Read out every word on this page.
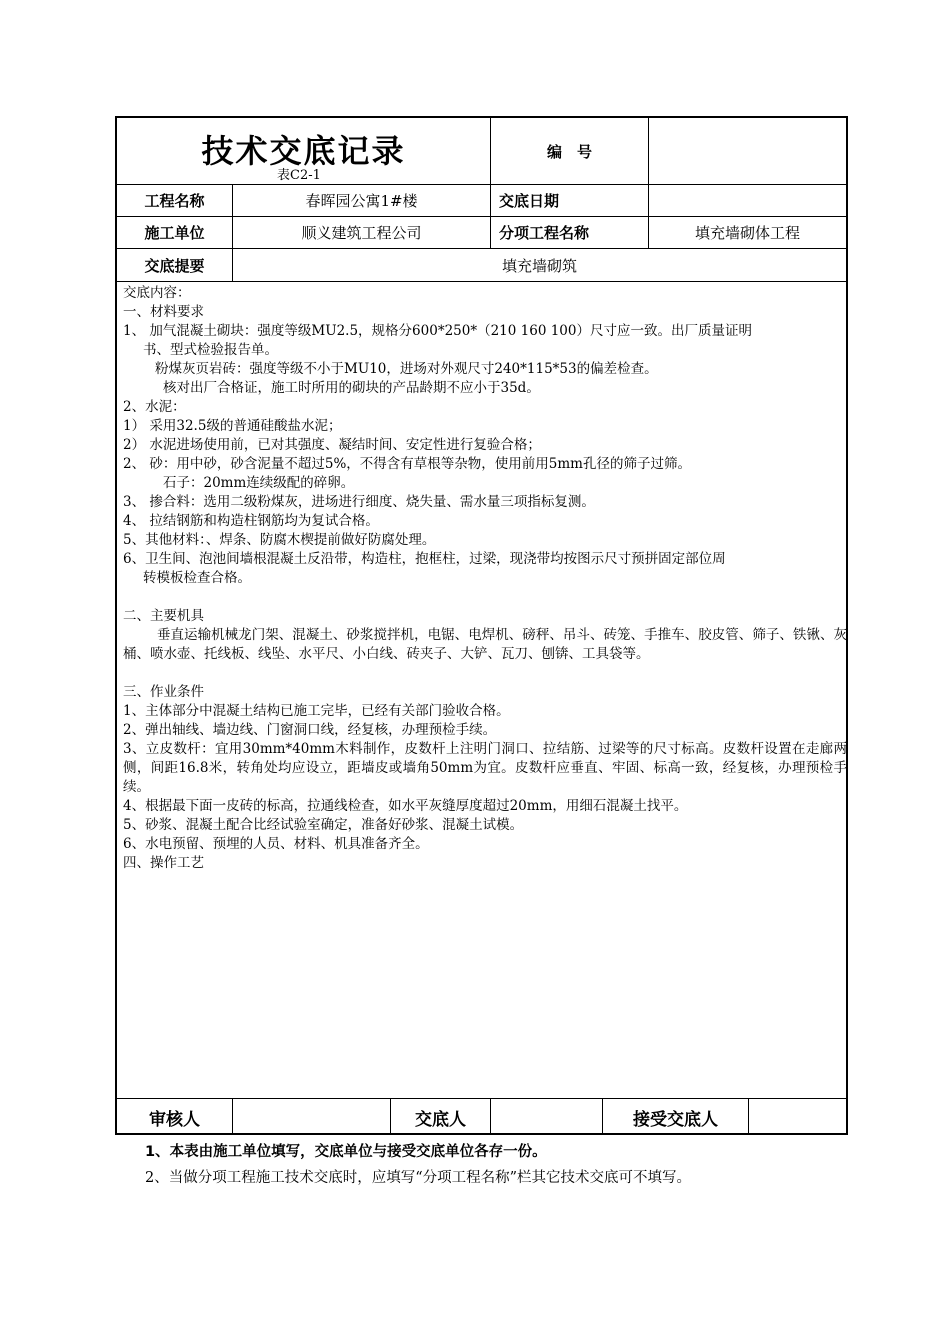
技术交底记录
表C2-1
编　号
工程名称	春晖园公寓1#楼	交底日期
施工单位	顺义建筑工程公司	分项工程名称	填充墙砌体工程
交底提要	填充墙砌筑
交底内容：
一、材料要求
1、 加气混凝土砌块：强度等级MU2.5，规格分600*250*（210 160 100）尺寸应一致。出厂质量证明
书、型式检验报告单。
粉煤灰页岩砖：强度等级不小于MU10，进场对外观尺寸240*115*53的偏差检查。
核对出厂合格证，施工时所用的砌块的产品龄期不应小于35d。
2、水泥：
1） 采用32.5级的普通硅酸盐水泥；
2） 水泥进场使用前，已对其强度、凝结时间、安定性进行复验合格；
2、 砂：用中砂，砂含泥量不超过5%，不得含有草根等杂物，使用前用5mm孔径的筛子过筛。
石子：20mm连续级配的碎卵。
3、 掺合料：选用二级粉煤灰，进场进行细度、烧失量、需水量三项指标复测。
4、 拉结钢筋和构造柱钢筋均为复试合格。
5、其他材料：、焊条、防腐木楔提前做好防腐处理。
6、卫生间、泡池间墙根混凝土反沿带，构造柱，抱框柱，过梁，现浇带均按图示尺寸预拼固定部位周
转模板检查合格。
二、主要机具
垂直运输机械龙门架、混凝土、砂浆搅拌机，电锯、电焊机、磅秤、吊斗、砖笼、手推车、胶皮管、筛子、铁锹、灰桶、喷水壶、托线板、线坠、水平尺、小白线、砖夹子、大铲、瓦刀、刨锛、工具袋等。
三、作业条件
1、主体部分中混凝土结构已施工完毕，已经有关部门验收合格。
2、弹出轴线、墙边线、门窗洞口线，经复核，办理预检手续。
3、立皮数杆：宜用30mm*40mm木料制作，皮数杆上注明门洞口、拉结筋、过梁等的尺寸标高。皮数杆设置在走廊两侧，间距16.8米，转角处均应设立，距墙皮或墙角50mm为宜。皮数杆应垂直、牢固、标高一致，经复核，办理预检手续。
4、根据最下面一皮砖的标高，拉通线检查，如水平灰缝厚度超过20mm，用细石混凝土找平。
5、砂浆、混凝土配合比经试验室确定，准备好砂浆、混凝土试模。
6、水电预留、预埋的人员、材料、机具准备齐全。
四、操作工艺
审核人	交底人	接受交底人
1、本表由施工单位填写，交底单位与接受交底单位各存一份。
2、当做分项工程施工技术交底时，应填写“分项工程名称”栏其它技术交底可不填写。
